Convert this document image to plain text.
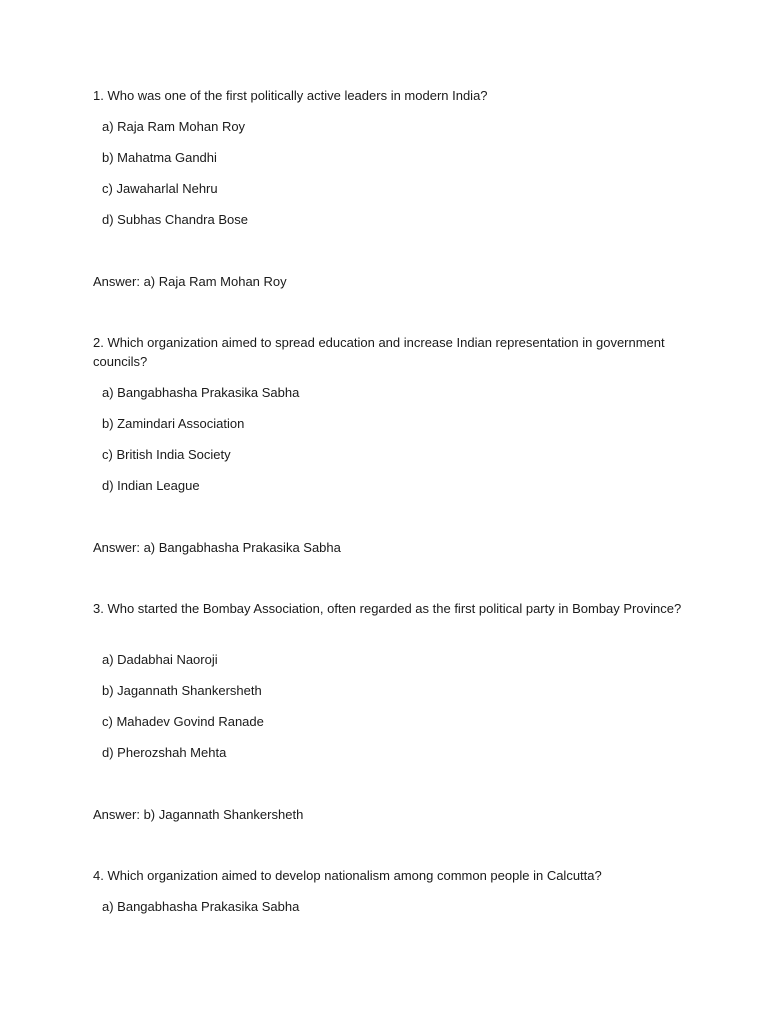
1. Who was one of the first politically active leaders in modern India?

a) Raja Ram Mohan Roy
b) Mahatma Gandhi
c) Jawaharlal Nehru
d) Subhas Chandra Bose
Answer: a) Raja Ram Mohan Roy

2. Which organization aimed to spread education and increase Indian representation in government councils?

a) Bangabhasha Prakasika Sabha
b) Zamindari Association
c) British India Society
d) Indian League
Answer: a) Bangabhasha Prakasika Sabha

3. Who started the Bombay Association, often regarded as the first political party in Bombay Province?

a) Dadabhai Naoroji
b) Jagannath Shankersheth
c) Mahadev Govind Ranade
d) Pherozshah Mehta
Answer: b) Jagannath Shankersheth

4. Which organization aimed to develop nationalism among common people in Calcutta?

a) Bangabhasha Prakasika Sabha
